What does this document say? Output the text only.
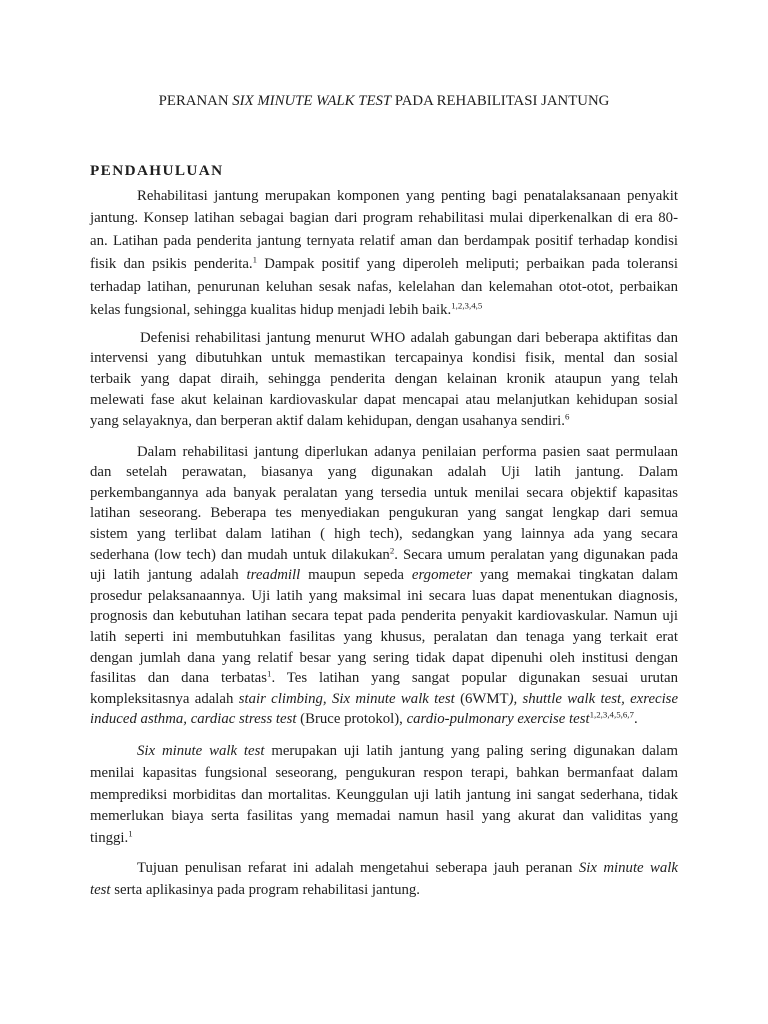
PERANAN SIX MINUTE WALK TEST PADA REHABILITASI JANTUNG
PENDAHULUAN
Rehabilitasi jantung merupakan komponen yang penting bagi penatalaksanaan penyakit
jantung. Konsep latihan sebagai bagian dari program rehabilitasi mulai diperkenalkan di era 80-
an. Latihan pada penderita jantung ternyata relatif aman dan berdampak positif terhadap kondisi
fisik dan psikis penderita.$^1$ Dampak positif yang diperoleh meliputi; perbaikan pada toleransi
terhadap latihan, penurunan keluhan sesak nafas, kelelahan dan kelemahan otot-otot, perbaikan
kelas fungsional, sehingga kualitas hidup menjadi lebih baik.$^{1,2,3,4,5}$
Defenisi rehabilitasi jantung menurut WHO adalah gabungan dari beberapa aktifitas dan
intervensi yang dibutuhkan untuk memastikan tercapainya kondisi fisik, mental dan sosial
terbaik yang dapat diraih, sehingga penderita dengan kelainan kronik ataupun yang telah
melewati fase akut kelainan kardiovaskular dapat mencapai atau melanjutkan kehidupan sosial
yang selayaknya, dan berperan aktif dalam kehidupan, dengan usahanya sendiri.$^6$
Dalam rehabilitasi jantung diperlukan adanya penilaian performa pasien saat permulaan
dan setelah perawatan, biasanya yang digunakan adalah Uji latih jantung. Dalam
perkembangannya ada banyak peralatan yang tersedia untuk menilai secara objektif kapasitas
latihan seseorang. Beberapa tes menyediakan pengukuran yang sangat lengkap dari semua
sistem yang terlibat dalam latihan ( high tech), sedangkan yang lainnya ada yang secara
sederhana (low tech) dan mudah untuk dilakukan$^2$. Secara umum peralatan yang digunakan pada
uji latih jantung adalah treadmill maupun sepeda ergometer yang memakai tingkatan dalam
prosedur pelaksanaannya. Uji latih yang maksimal ini secara luas dapat menentukan diagnosis,
prognosis dan kebutuhan latihan secara tepat pada penderita penyakit kardiovaskular. Namun uji
latih seperti ini membutuhkan fasilitas yang khusus, peralatan dan tenaga yang terkait erat
dengan jumlah dana yang relatif besar yang sering tidak dapat dipenuhi oleh institusi dengan
fasilitas dan dana terbatas$^1$. Tes latihan yang sangat popular digunakan sesuai urutan
kompleksitasnya adalah stair climbing, Six minute walk test (6WMT), shuttle walk test, exrecise
induced asthma, cardiac stress test (Bruce protokol), cardio-pulmonary exercise test$^{1,2,3,4,5,6,7}$.
Six minute walk test merupakan uji latih jantung yang paling sering digunakan dalam
menilai kapasitas fungsional seseorang, pengukuran respon terapi, bahkan bermanfaat dalam
memprediksi morbiditas dan mortalitas. Keunggulan uji latih jantung ini sangat sederhana, tidak
memerlukan biaya serta fasilitas yang memadai namun hasil yang akurat dan validitas yang
tinggi.$^1$
Tujuan penulisan refarat ini adalah mengetahui seberapa jauh peranan Six minute walk
test serta aplikasinya pada program rehabilitasi jantung.
